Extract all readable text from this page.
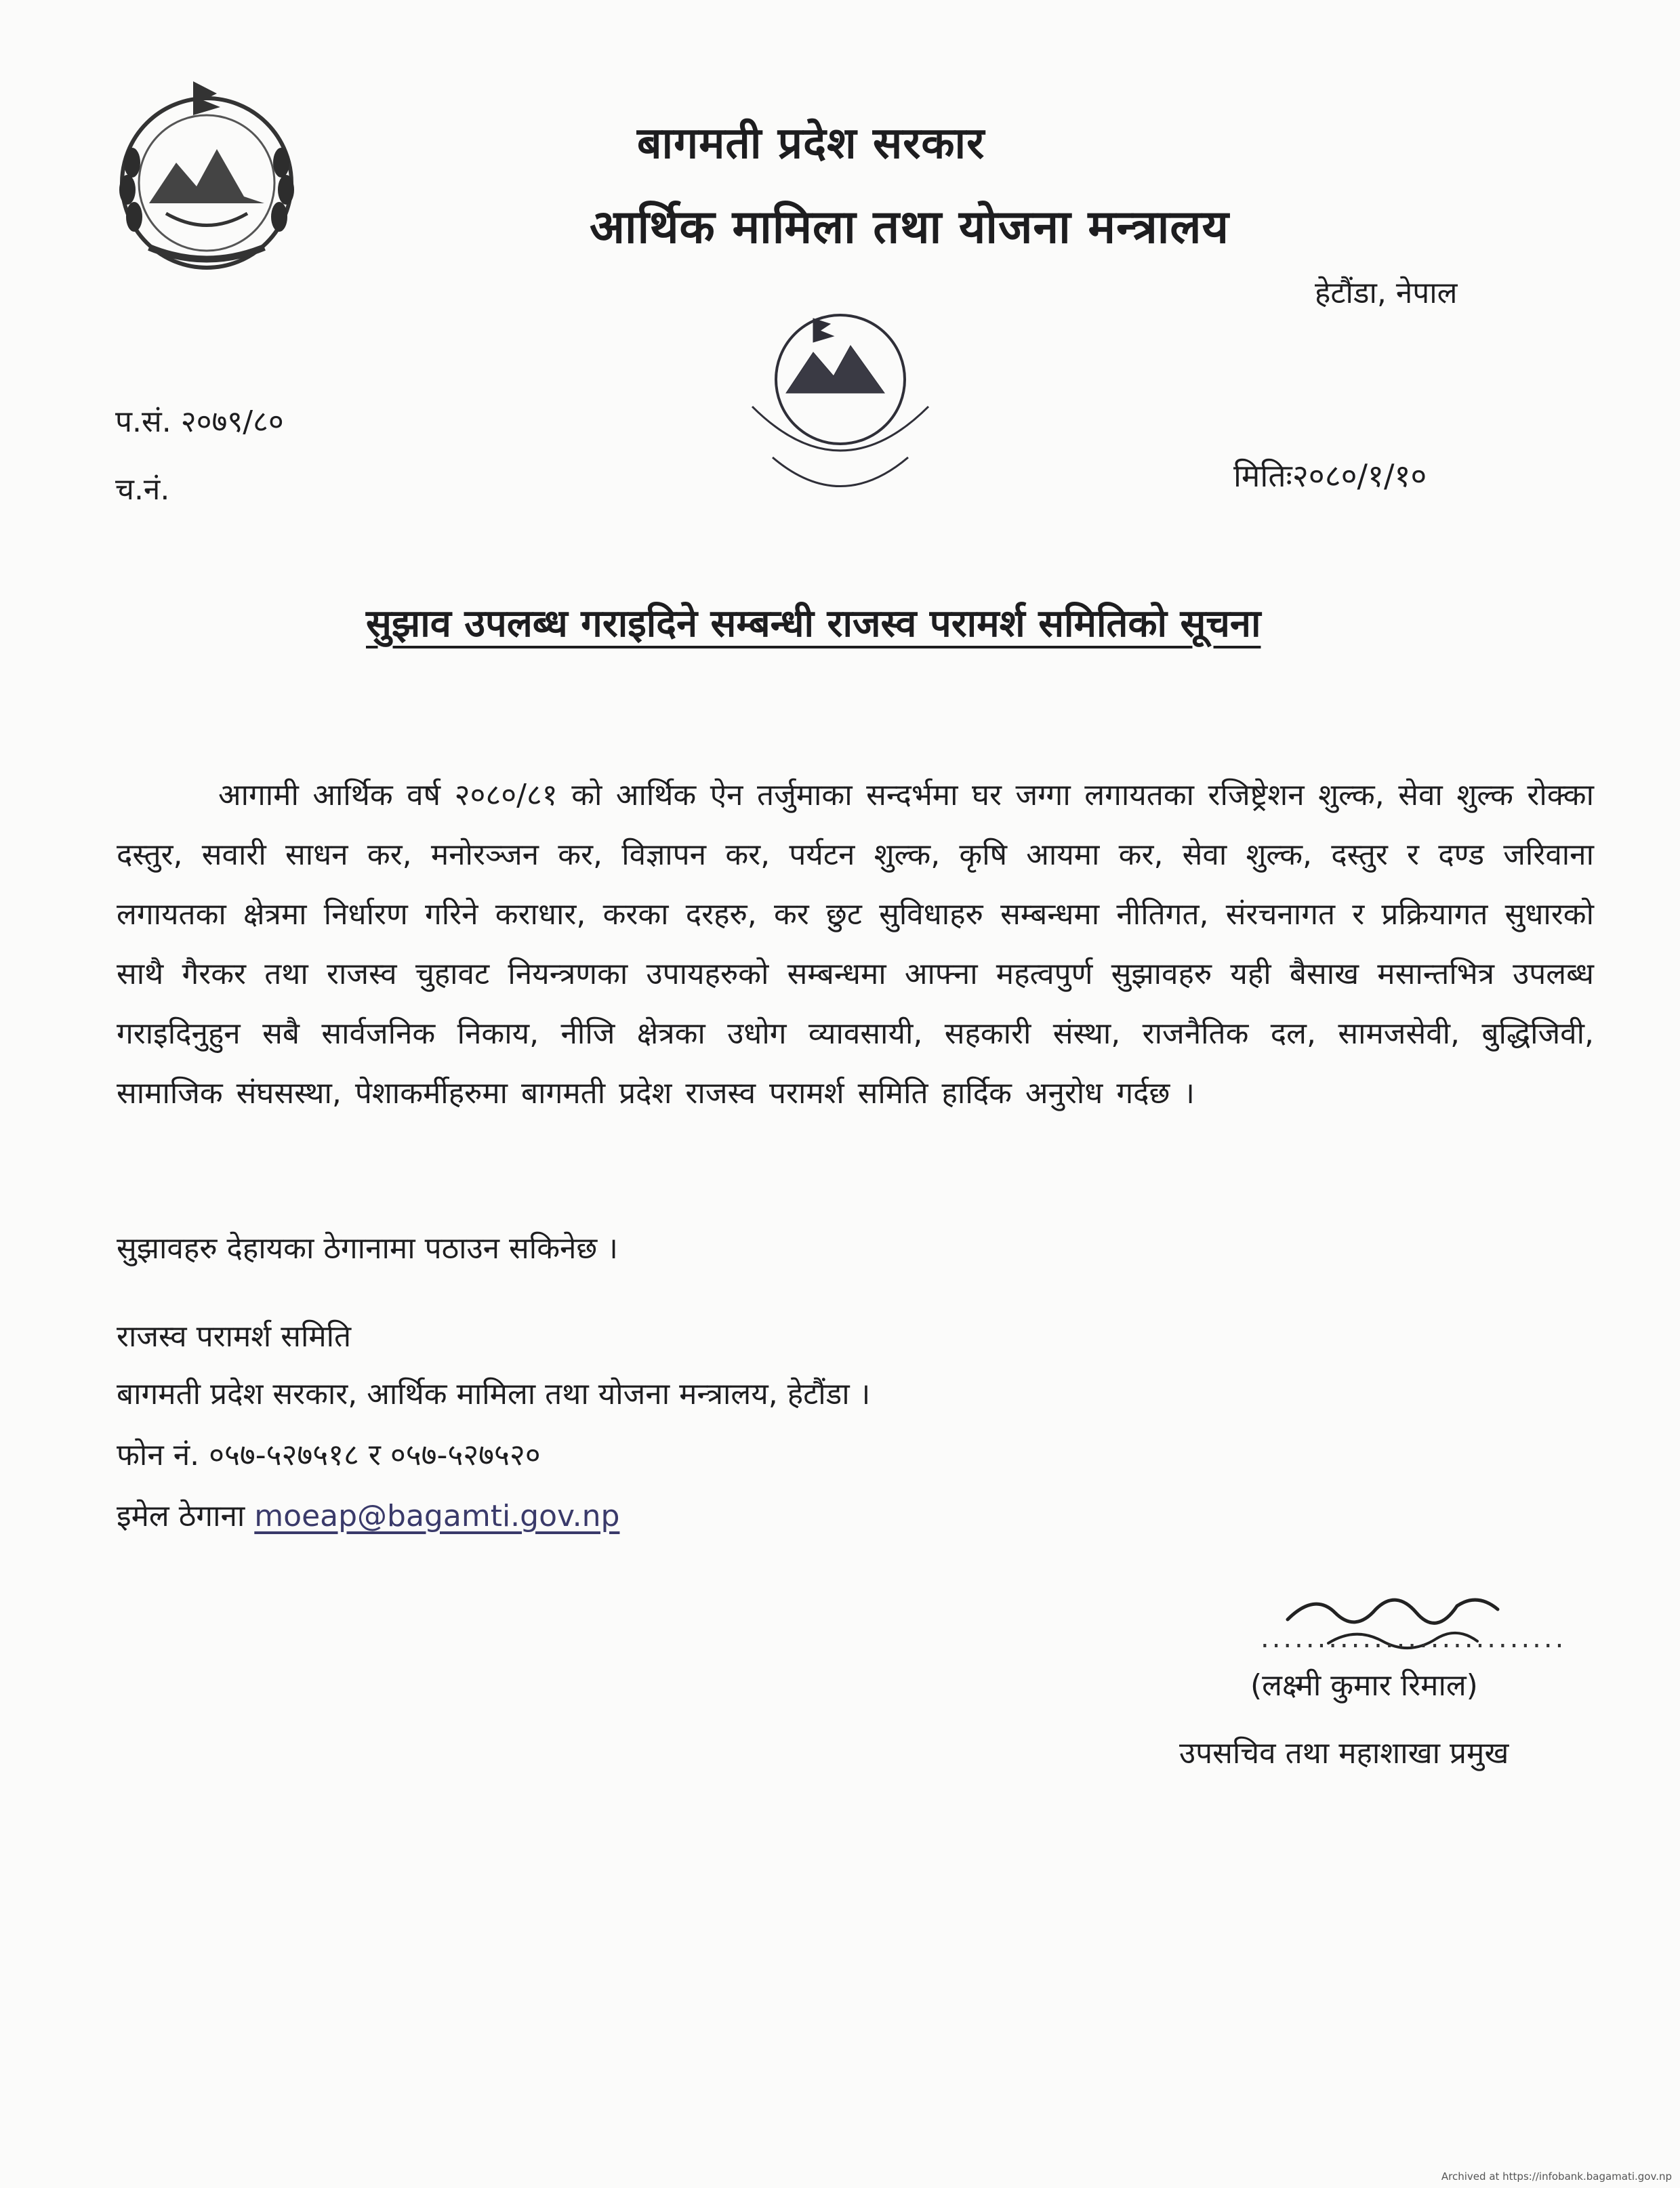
बागमती प्रदेश सरकार
आर्थिक मामिला तथा योजना मन्त्रालय
हेटौंडा, नेपाल
प.सं. २०७९/८०
च.नं.	मितिः२०८०/१/१०
सुझाव उपलब्ध गराइदिने सम्बन्धी राजस्व परामर्श समितिको सूचना

आगामी आर्थिक वर्ष २०८०/८१ को आर्थिक ऐन तर्जुमाका सन्दर्भमा घर जग्गा लगायतका रजिष्ट्रेशन शुल्क, सेवा शुल्क रोक्का दस्तुर, सवारी साधन कर, मनोरञ्जन कर, विज्ञापन कर, पर्यटन शुल्क, कृषि आयमा कर, सेवा शुल्क, दस्तुर र दण्ड जरिवाना लगायतका क्षेत्रमा निर्धारण गरिने कराधार, करका दरहरु, कर छुट सुविधाहरु सम्बन्धमा नीतिगत, संरचनागत र प्रक्रियागत सुधारको साथै गैरकर तथा राजस्व चुहावट नियन्त्रणका उपायहरुको सम्बन्धमा आफ्ना महत्वपुर्ण सुझावहरु यही बैसाख मसान्तभित्र उपलब्ध गराइदिनुहुन सबै सार्वजनिक निकाय, नीजि क्षेत्रका उधोग व्यावसायी, सहकारी संस्था, राजनैतिक दल, सामजसेवी, बुद्धिजिवी, सामाजिक संघसस्था, पेशाकर्मीहरुमा बागमती प्रदेश राजस्व परामर्श समिति हार्दिक अनुरोध गर्दछ ।

सुझावहरु देहायका ठेगानामा पठाउन सकिनेछ ।
राजस्व परामर्श समिति
बागमती प्रदेश सरकार, आर्थिक मामिला तथा योजना मन्त्रालय, हेटौंडा ।
फोन नं. ०५७-५२७५१८ र ०५७-५२७५२०
इमेल ठेगाना moeap@bagamti.gov.np
...........................
(लक्ष्मी कुमार रिमाल)
उपसचिव तथा महाशाखा प्रमुख
Archived at https://infobank.bagamati.gov.np
